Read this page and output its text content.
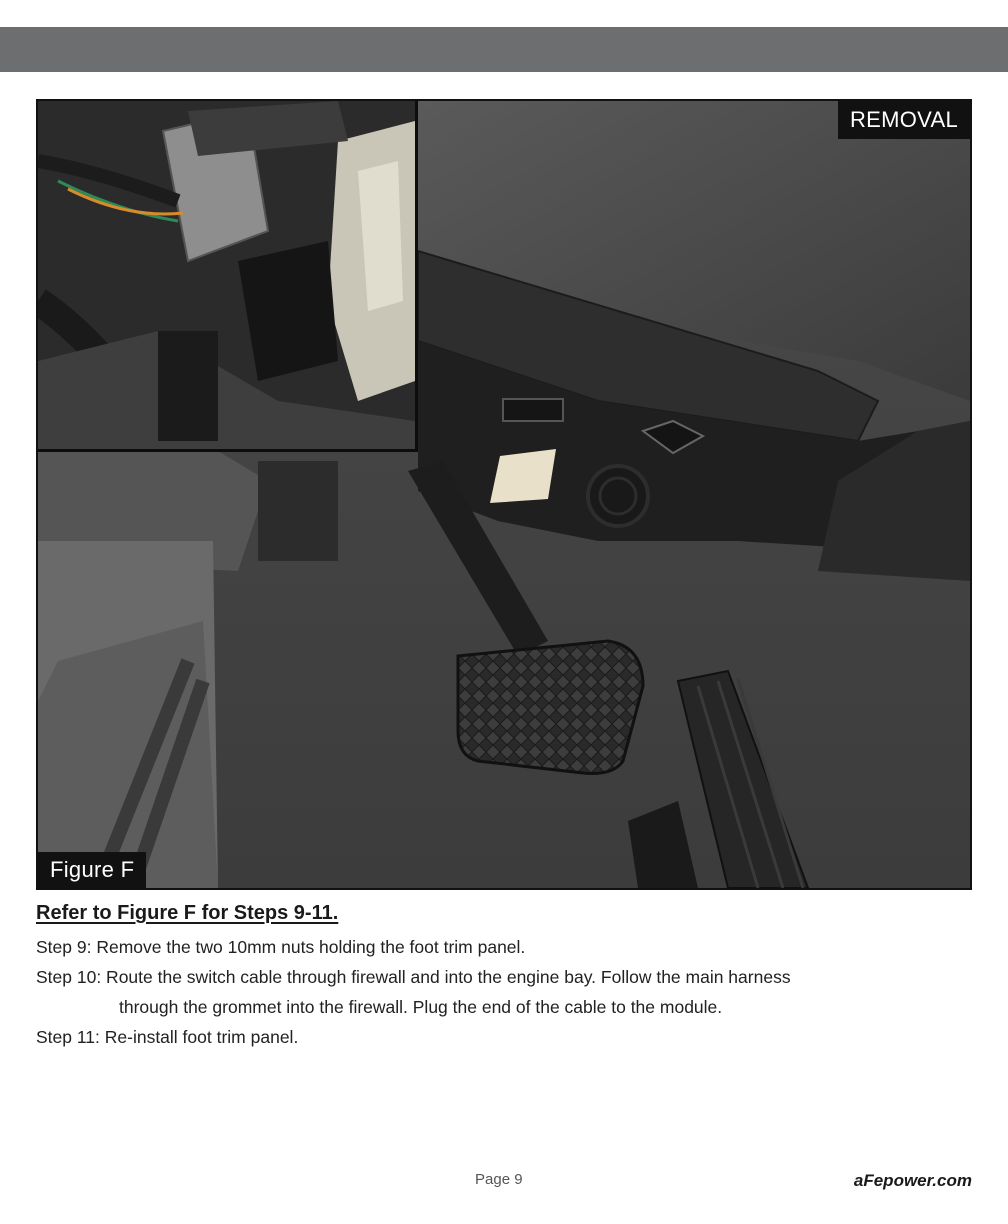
REMOVAL
Figure F
Refer to Figure F for Steps 9-11.
Step 9: Remove the two 10mm nuts holding the foot trim panel.
Step 10: Route the switch cable through firewall and into the engine bay. Follow the main harness
through the grommet into the firewall. Plug the end of the cable to the module.
Step 11: Re-install foot trim panel.
Page 9	aFepower.com
